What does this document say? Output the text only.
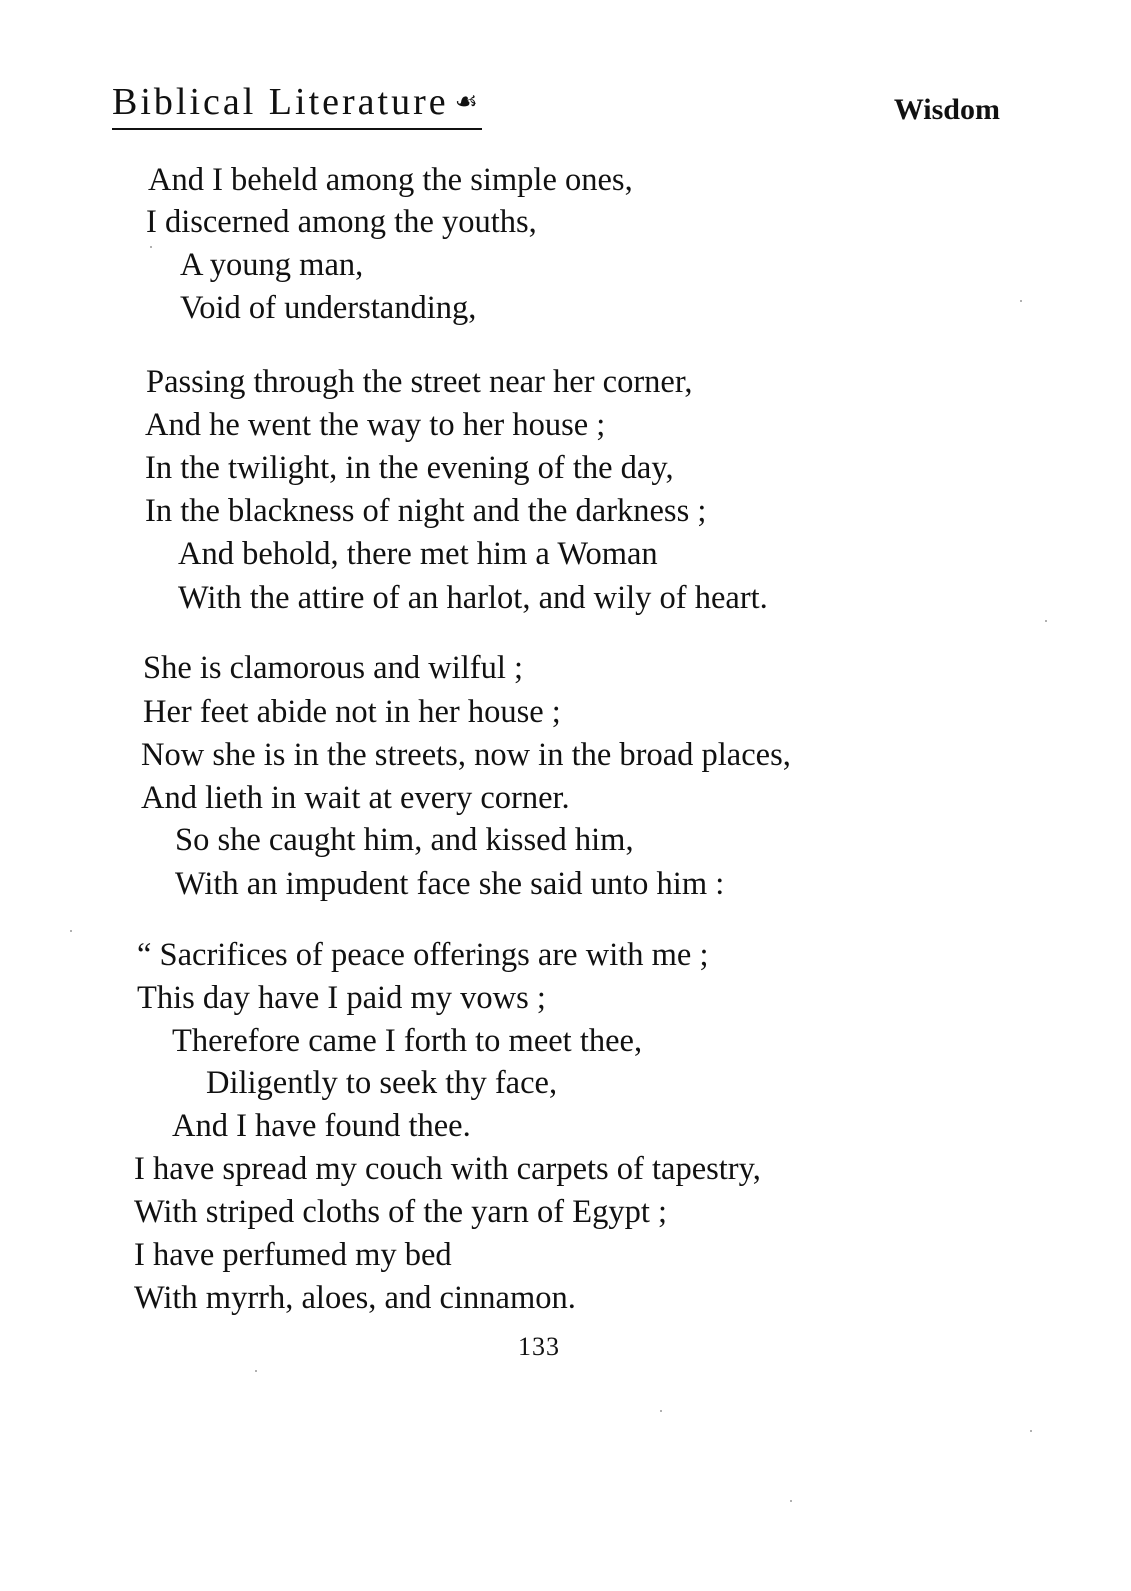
Biblical Literature ☙	Wisdom
And I beheld among the simple ones,
I discerned among the youths,
A young man,
Void of understanding,
Passing through the street near her corner,
And he went the way to her house ;
In the twilight, in the evening of the day,
In the blackness of night and the darkness ;
And behold, there met him a Woman
With the attire of an harlot, and wily of heart.
She is clamorous and wilful ;
Her feet abide not in her house ;
Now she is in the streets, now in the broad places,
And lieth in wait at every corner.
So she caught him, and kissed him,
With an impudent face she said unto him :
“ Sacrifices of peace offerings are with me ;
This day have I paid my vows ;
Therefore came I forth to meet thee,
Diligently to seek thy face,
And I have found thee.
I have spread my couch with carpets of tapestry,
With striped cloths of the yarn of Egypt ;
I have perfumed my bed
With myrrh, aloes, and cinnamon.
133
